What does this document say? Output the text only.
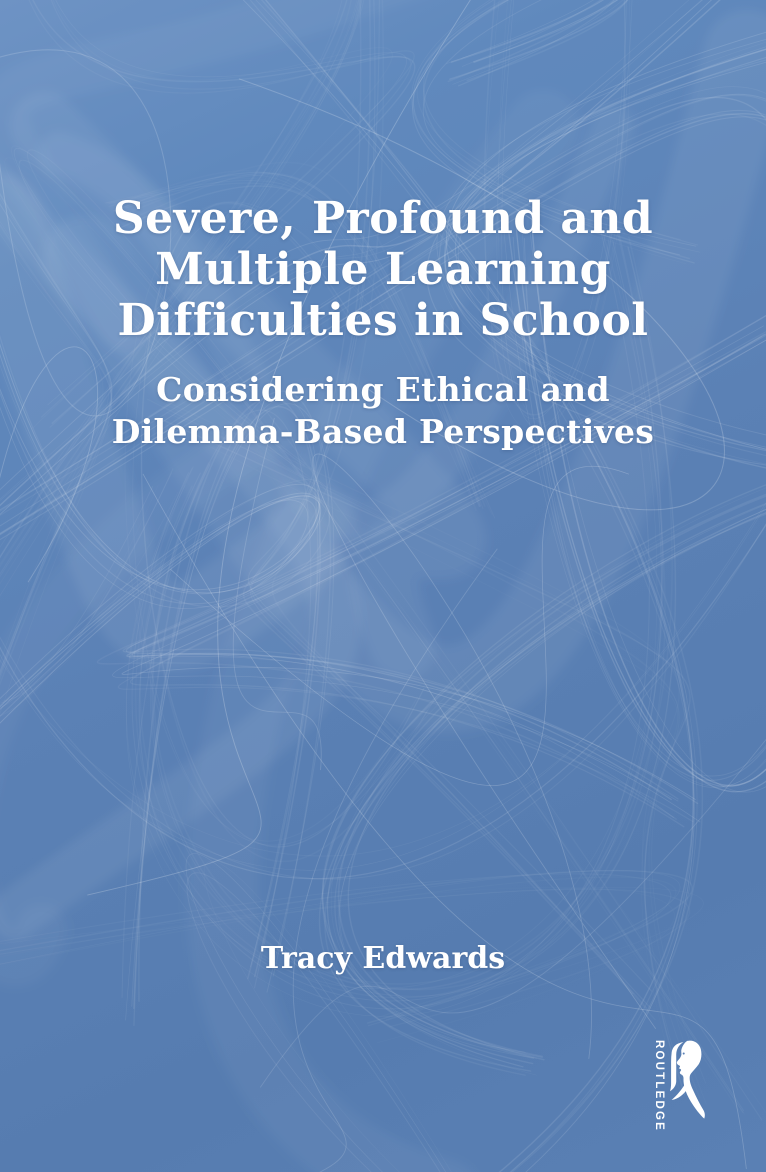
Severe, Profound and
Multiple Learning
Difficulties in School
Considering Ethical and
Dilemma-Based Perspectives
Tracy Edwards
ROUTLEDGE
